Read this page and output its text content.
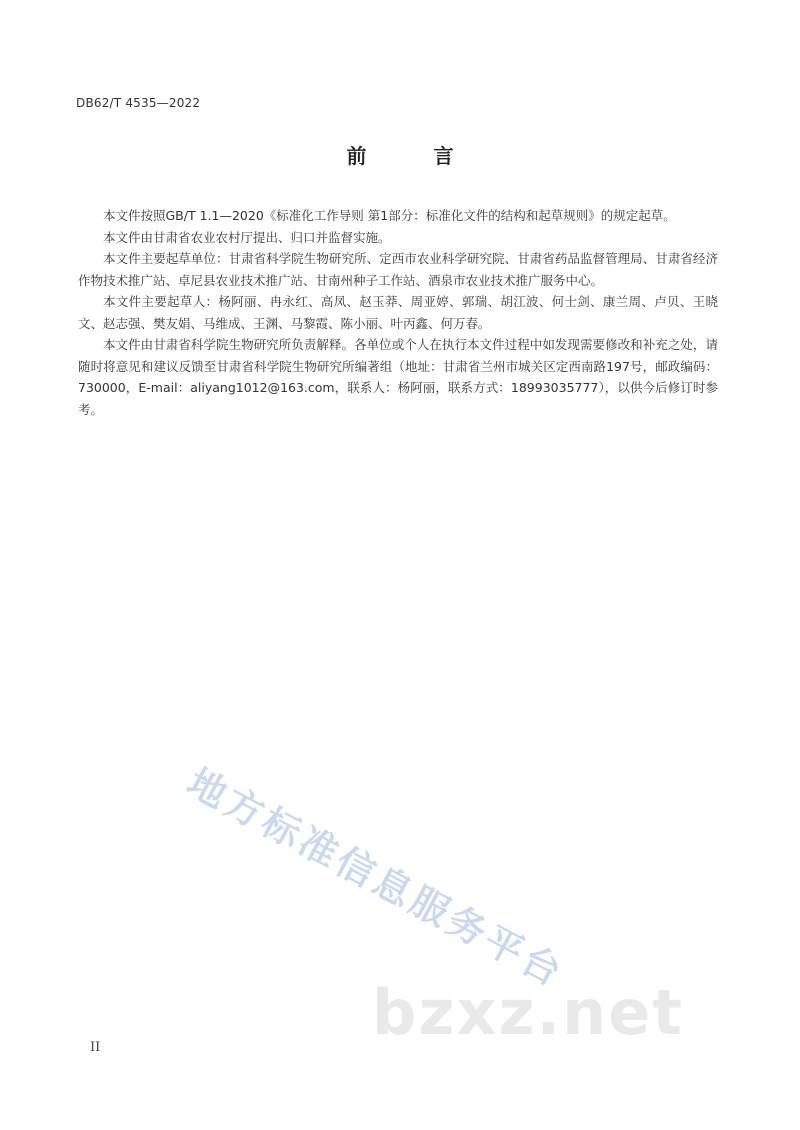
DB62/T 4535—2022
前 言

本文件按照GB/T 1.1—2020《标准化工作导则 第1部分：标准化文件的结构和起草规则》的规定起草。

本文件由甘肃省农业农村厅提出、归口并监督实施。

本文件主要起草单位：甘肃省科学院生物研究所、定西市农业科学研究院、甘肃省药品监督管理局、甘肃省经济作物技术推广站、卓尼县农业技术推广站、甘南州种子工作站、酒泉市农业技术推广服务中心。

本文件主要起草人：杨阿丽、冉永红、高凤、赵玉莽、周亚婷、郭瑞、胡江波、何士剑、康兰周、卢贝、王晓文、赵志强、樊友娟、马维成、王渊、马黎霞、陈小丽、叶丙鑫、何万春。

本文件由甘肃省科学院生物研究所负责解释。各单位或个人在执行本文件过程中如发现需要修改和补充之处，请随时将意见和建议反馈至甘肃省科学院生物研究所编著组（地址：甘肃省兰州市城关区定西南路197号，邮政编码：730000，E-mail：aliyang1012@163.com，联系人：杨阿丽，联系方式：18993035777），以供今后修订时参考。

地方标准信息服务平台
bzxz.net
II
